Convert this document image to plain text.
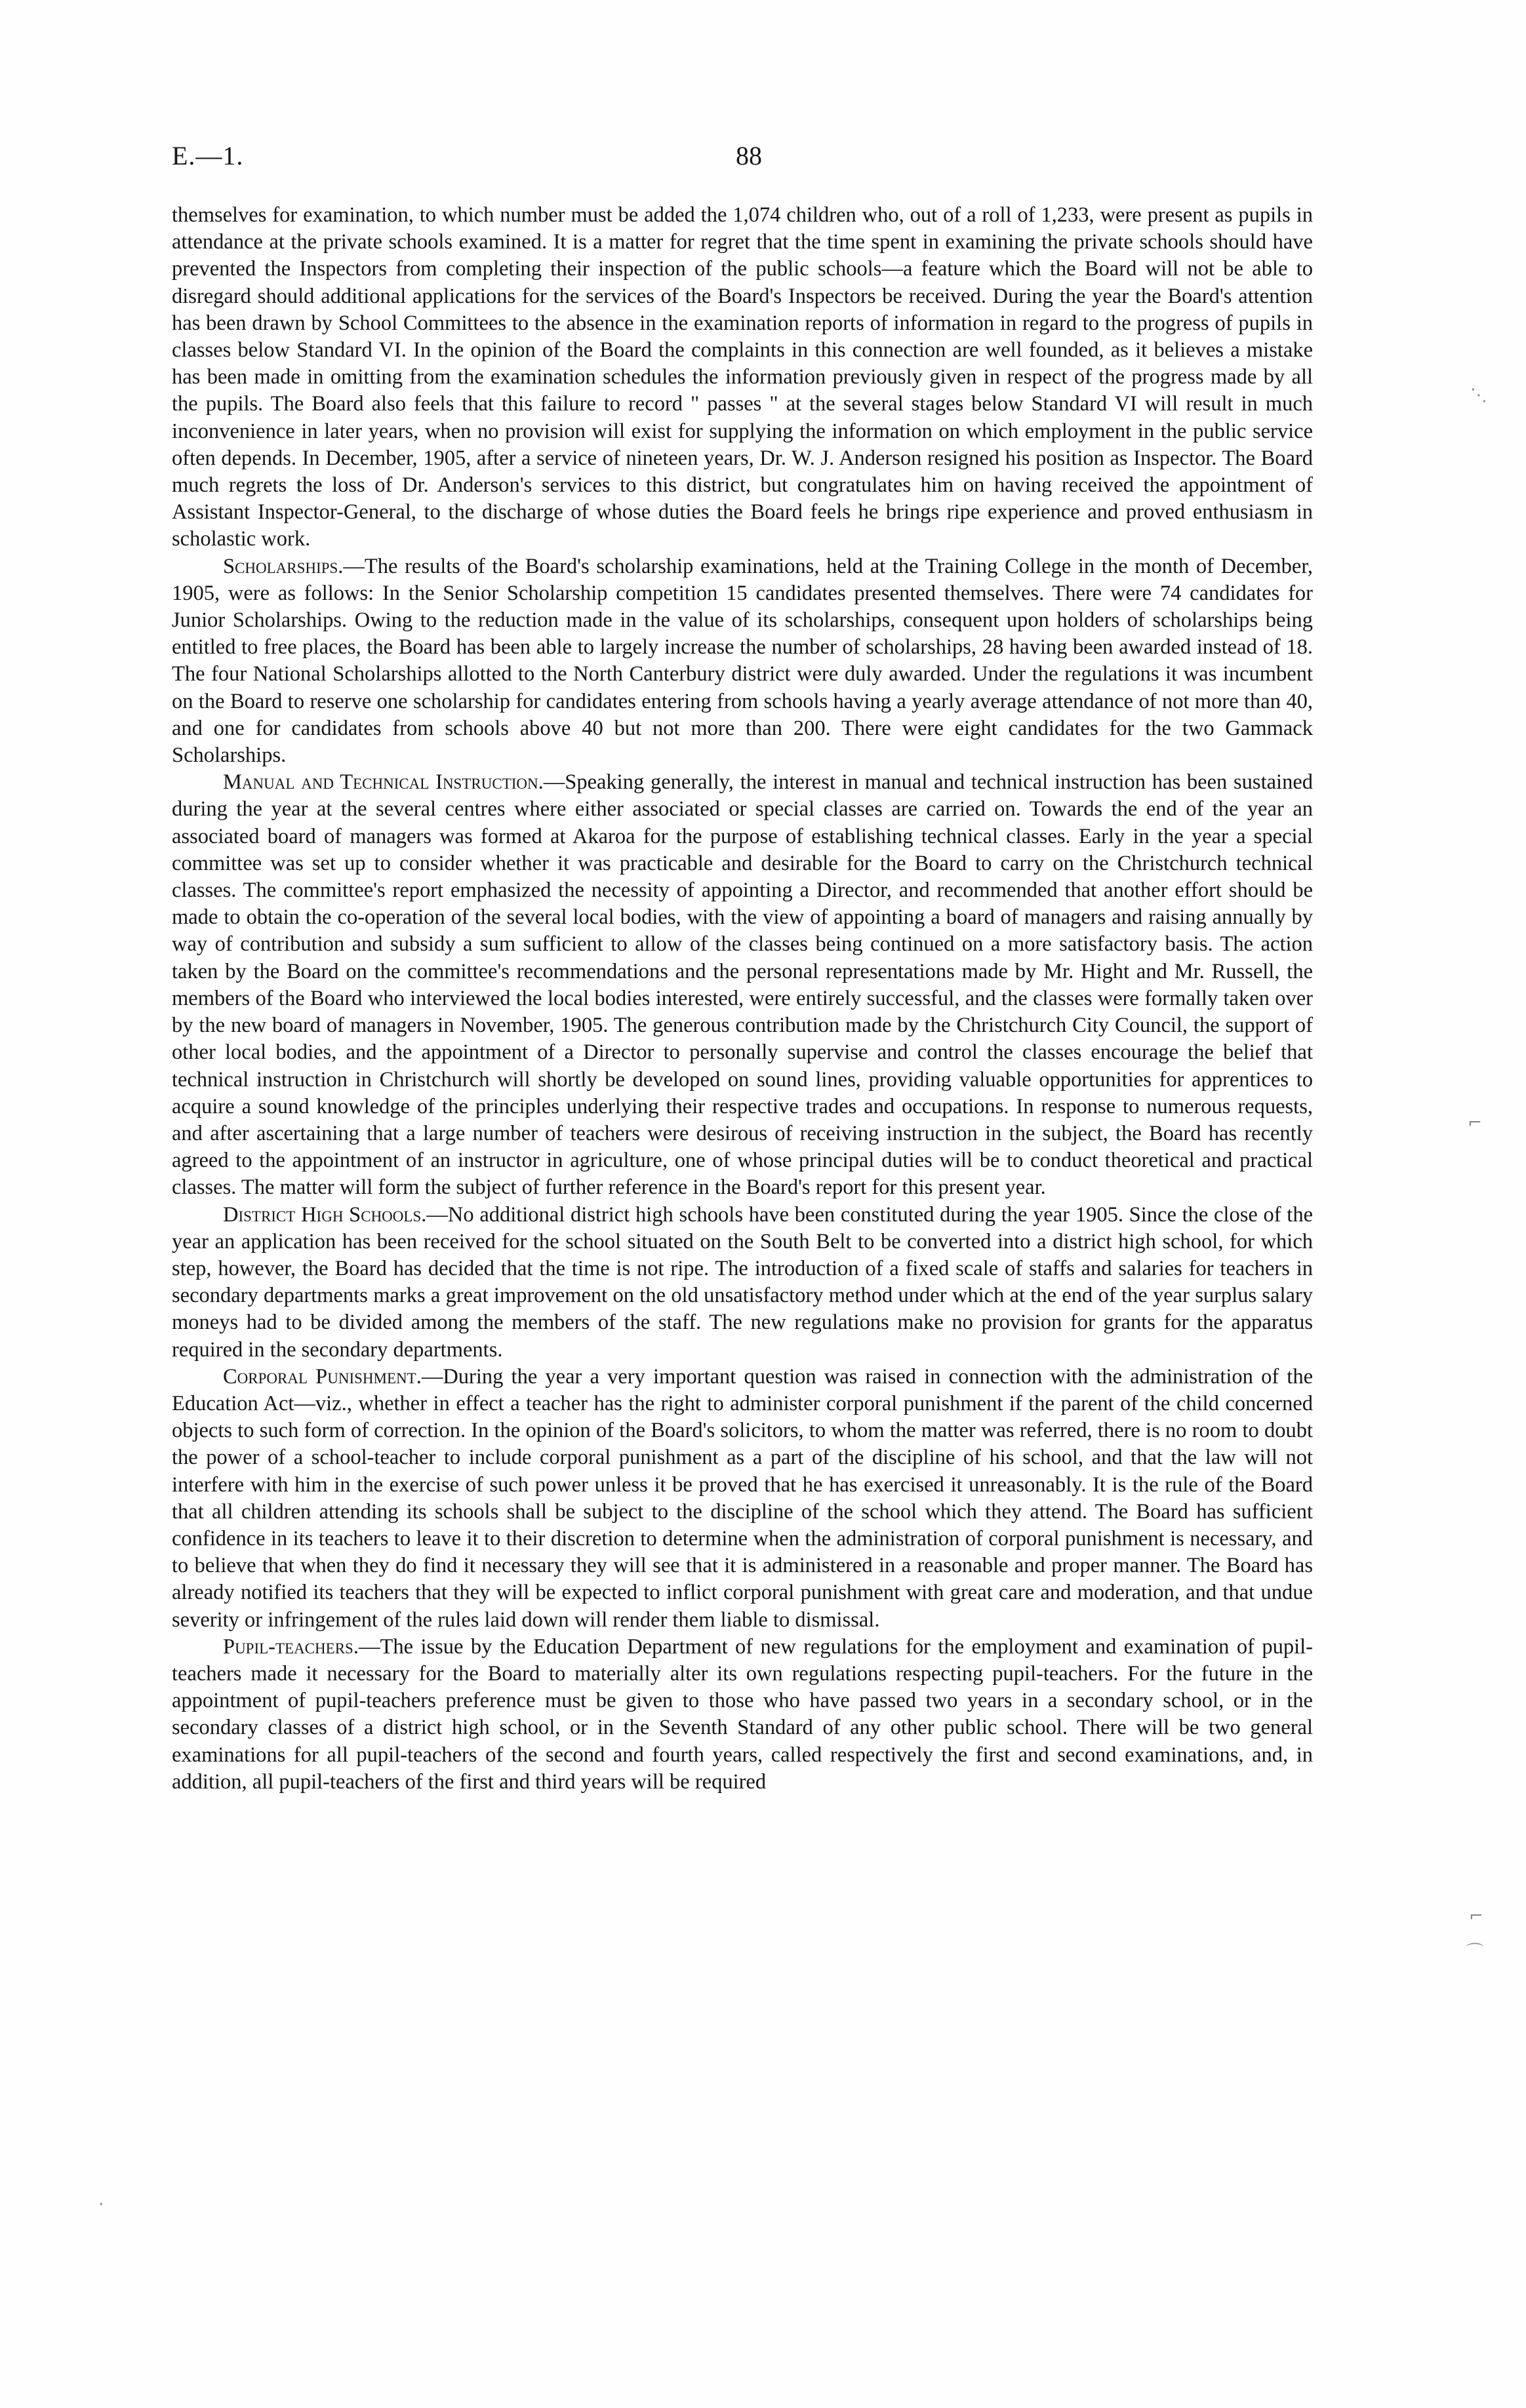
E.—1.	88

themselves for examination, to which number must be added the 1,074 children who, out of a roll of 1,233, were present as pupils in attendance at the private schools examined. It is a matter for regret that the time spent in examining the private schools should have prevented the Inspectors from completing their inspection of the public schools—a feature which the Board will not be able to disregard should additional applications for the services of the Board's Inspectors be received. During the year the Board's attention has been drawn by School Committees to the absence in the examination reports of information in regard to the progress of pupils in classes below Standard VI. In the opinion of the Board the complaints in this connection are well founded, as it believes a mistake has been made in omitting from the examination schedules the information previously given in respect of the progress made by all the pupils. The Board also feels that this failure to record " passes " at the several stages below Standard VI will result in much inconvenience in later years, when no provision will exist for supplying the information on which employment in the public service often depends. In December, 1905, after a service of nineteen years, Dr. W. J. Anderson resigned his position as Inspector. The Board much regrets the loss of Dr. Anderson's services to this district, but congratulates him on having received the appointment of Assistant Inspector-General, to the discharge of whose duties the Board feels he brings ripe experience and proved enthusiasm in scholastic work.

Scholarships.—The results of the Board's scholarship examinations, held at the Training College in the month of December, 1905, were as follows: In the Senior Scholarship competition 15 candidates presented themselves. There were 74 candidates for Junior Scholarships. Owing to the reduction made in the value of its scholarships, consequent upon holders of scholarships being entitled to free places, the Board has been able to largely increase the number of scholarships, 28 having been awarded instead of 18. The four National Scholarships allotted to the North Canterbury district were duly awarded. Under the regulations it was incumbent on the Board to reserve one scholarship for candidates entering from schools having a yearly average attendance of not more than 40, and one for candidates from schools above 40 but not more than 200. There were eight candidates for the two Gammack Scholarships.

Manual and Technical Instruction.—Speaking generally, the interest in manual and technical instruction has been sustained during the year at the several centres where either associated or special classes are carried on. Towards the end of the year an associated board of managers was formed at Akaroa for the purpose of establishing technical classes. Early in the year a special committee was set up to consider whether it was practicable and desirable for the Board to carry on the Christchurch technical classes. The committee's report emphasized the necessity of appointing a Director, and recommended that another effort should be made to obtain the co-operation of the several local bodies, with the view of appointing a board of managers and raising annually by way of contribution and subsidy a sum sufficient to allow of the classes being continued on a more satisfactory basis. The action taken by the Board on the committee's recommendations and the personal representations made by Mr. Hight and Mr. Russell, the members of the Board who interviewed the local bodies interested, were entirely successful, and the classes were formally taken over by the new board of managers in November, 1905. The generous contribution made by the Christchurch City Council, the support of other local bodies, and the appointment of a Director to personally supervise and control the classes encourage the belief that technical instruction in Christchurch will shortly be developed on sound lines, providing valuable opportunities for apprentices to acquire a sound knowledge of the principles underlying their respective trades and occupations. In response to numerous requests, and after ascertaining that a large number of teachers were desirous of receiving instruction in the subject, the Board has recently agreed to the appointment of an instructor in agriculture, one of whose principal duties will be to conduct theoretical and practical classes. The matter will form the subject of further reference in the Board's report for this present year.

District High Schools.—No additional district high schools have been constituted during the year 1905. Since the close of the year an application has been received for the school situated on the South Belt to be converted into a district high school, for which step, however, the Board has decided that the time is not ripe. The introduction of a fixed scale of staffs and salaries for teachers in secondary departments marks a great improvement on the old unsatisfactory method under which at the end of the year surplus salary moneys had to be divided among the members of the staff. The new regulations make no provision for grants for the apparatus required in the secondary departments.

Corporal Punishment.—During the year a very important question was raised in connection with the administration of the Education Act—viz., whether in effect a teacher has the right to administer corporal punishment if the parent of the child concerned objects to such form of correction. In the opinion of the Board's solicitors, to whom the matter was referred, there is no room to doubt the power of a school-teacher to include corporal punishment as a part of the discipline of his school, and that the law will not interfere with him in the exercise of such power unless it be proved that he has exercised it unreasonably. It is the rule of the Board that all children attending its schools shall be subject to the discipline of the school which they attend. The Board has sufficient confidence in its teachers to leave it to their discretion to determine when the administration of corporal punishment is necessary, and to believe that when they do find it necessary they will see that it is administered in a reasonable and proper manner. The Board has already notified its teachers that they will be expected to inflict corporal punishment with great care and moderation, and that undue severity or infringement of the rules laid down will render them liable to dismissal.

Pupil-teachers.—The issue by the Education Department of new regulations for the employment and examination of pupil-teachers made it necessary for the Board to materially alter its own regulations respecting pupil-teachers. For the future in the appointment of pupil-teachers preference must be given to those who have passed two years in a secondary school, or in the secondary classes of a district high school, or in the Seventh Standard of any other public school. There will be two general examinations for all pupil-teachers of the second and fourth years, called respectively the first and second examinations, and, in addition, all pupil-teachers of the first and third years will be required

⋱
⌐
⌐
⌒
·
